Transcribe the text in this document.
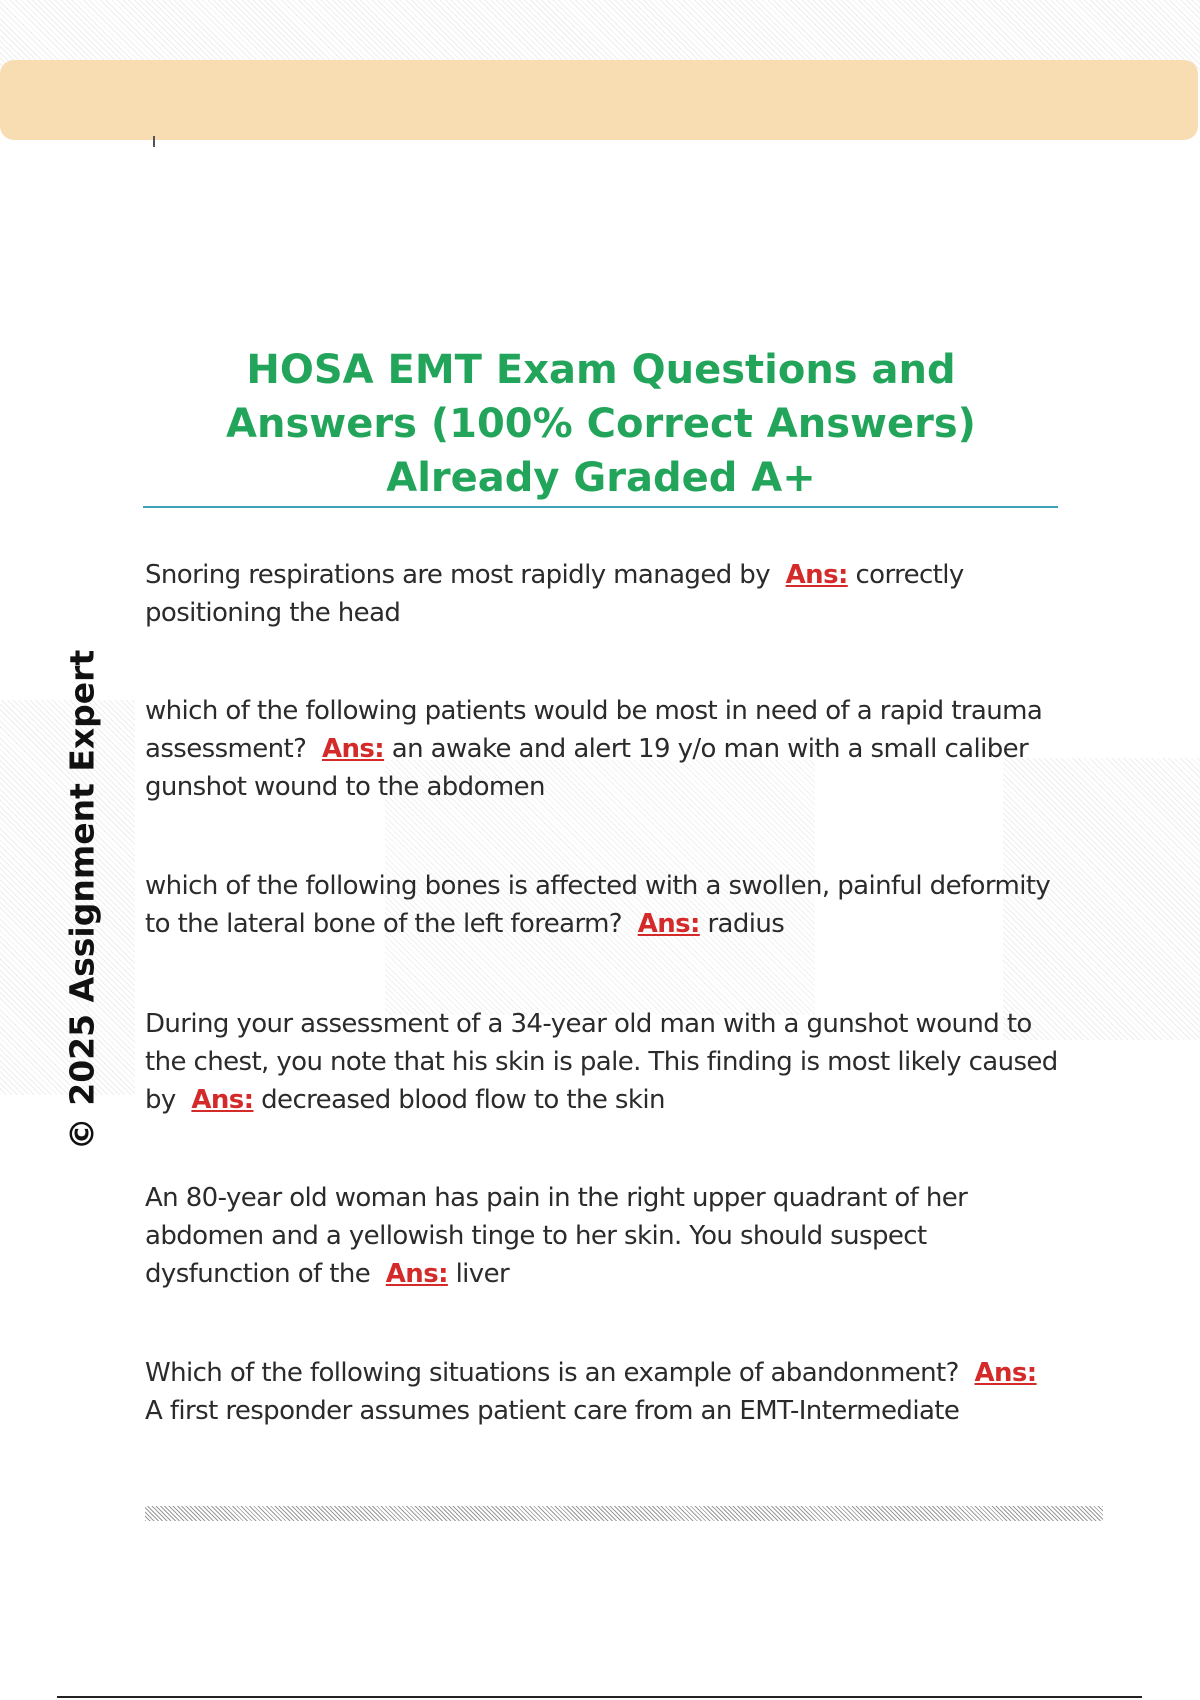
© 2025 Assignment Expert
HOSA EMT Exam Questions and Answers (100% Correct Answers) Already Graded A+

Snoring respirations are most rapidly managed by Ans: correctly positioning the head

which of the following patients would be most in need of a rapid trauma assessment? Ans: an awake and alert 19 y/o man with a small caliber gunshot wound to the abdomen

which of the following bones is affected with a swollen, painful deformity to the lateral bone of the left forearm? Ans: radius

During your assessment of a 34-year old man with a gunshot wound to the chest, you note that his skin is pale. This finding is most likely caused by Ans: decreased blood flow to the skin

An 80-year old woman has pain in the right upper quadrant of her abdomen and a yellowish tinge to her skin. You should suspect dysfunction of the Ans: liver

Which of the following situations is an example of abandonment? Ans: A first responder assumes patient care from an EMT-Intermediate
